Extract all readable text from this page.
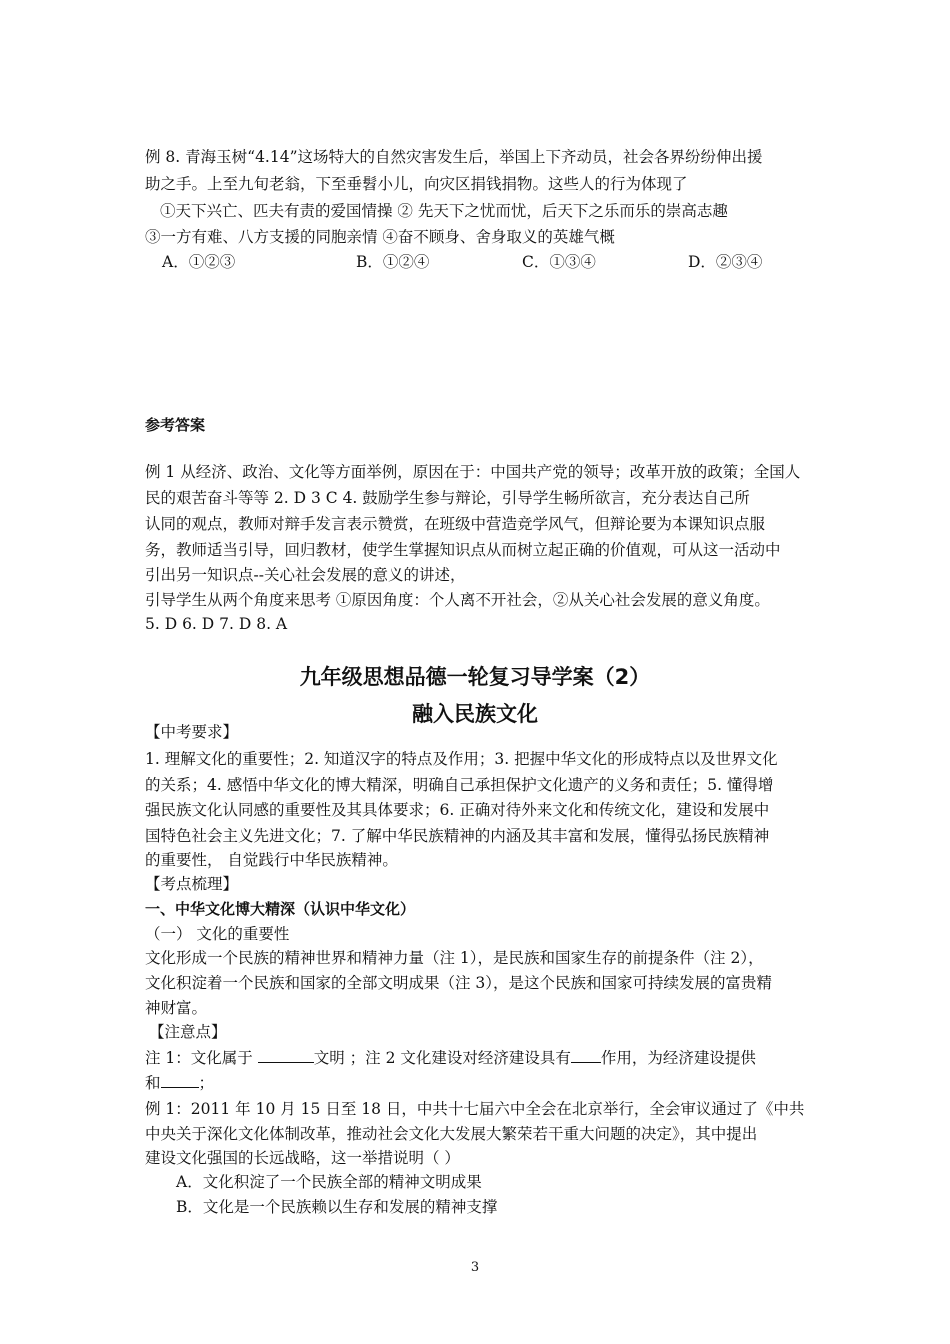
例 8. 青海玉树“4.14”这场特大的自然灾害发生后，举国上下齐动员，社会各界纷纷伸出援
助之手。上至九旬老翁，下至垂髫小儿，向灾区捐钱捐物。这些人的行为体现了
①天下兴亡、匹夫有责的爱国情操 ② 先天下之忧而忧，后天下之乐而乐的崇高志趣
③一方有难、八方支援的同胞亲情 ④奋不顾身、舍身取义的英雄气概
A．①②③	B．①②④	C．①③④	D．②③④
参考答案
例 1 从经济、政治、文化等方面举例，原因在于：中国共产党的领导；改革开放的政策；全国人
民的艰苦奋斗等等 2. D 3 C 4. 鼓励学生参与辩论，引导学生畅所欲言，充分表达自己所
认同的观点，教师对辩手发言表示赞赏，在班级中营造竞学风气，但辩论要为本课知识点服
务，教师适当引导，回归教材，使学生掌握知识点从而树立起正确的价值观，可从这一活动中
引出另一知识点--关心社会发展的意义的讲述，
引导学生从两个角度来思考 ①原因角度：个人离不开社会，②从关心社会发展的意义角度。
5. D 6. D 7. D 8. A
九年级思想品德一轮复习导学案（2）
融入民族文化
【中考要求】
1. 理解文化的重要性；2. 知道汉字的特点及作用；3. 把握中华文化的形成特点以及世界文化
的关系；4. 感悟中华文化的博大精深，明确自己承担保护文化遗产的义务和责任；5. 懂得增
强民族文化认同感的重要性及其具体要求；6. 正确对待外来文化和传统文化，建设和发展中
国特色社会主义先进文化；7. 了解中华民族精神的内涵及其丰富和发展，懂得弘扬民族精神
的重要性， 自觉践行中华民族精神。
【考点梳理】
一、中华文化博大精深（认识中华文化）
（一） 文化的重要性
文化形成一个民族的精神世界和精神力量（注 1），是民族和国家生存的前提条件（注 2），
文化积淀着一个民族和国家的全部文明成果（注 3），是这个民族和国家可持续发展的富贵精
神财富。
【注意点】
注 1：文化属于	文明 ；注 2 文化建设对经济建设具有 作用，为经济建设提供
和 ；
例 1：2011 年 10 月 15 日至 18 日，中共十七届六中全会在北京举行，全会审议通过了《中共
中央关于深化文化体制改革，推动社会文化大发展大繁荣若干重大问题的决定》，其中提出
建设文化强国的长远战略，这一举措说明（ ）
A．文化积淀了一个民族全部的精神文明成果
B．文化是一个民族赖以生存和发展的精神支撑
3
